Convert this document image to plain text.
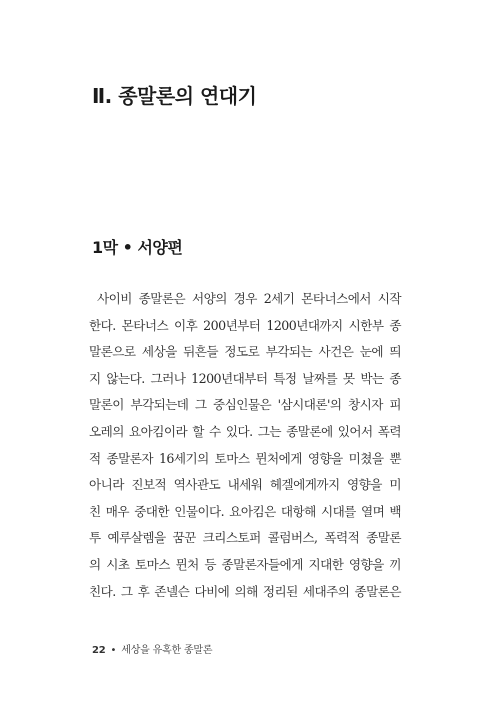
Ⅱ. 종말론의 연대기
1막 • 서양편
사이비 종말론은 서양의 경우 2세기 몬타너스에서 시작
한다. 몬타너스 이후 200년부터 1200년대까지 시한부 종
말론으로 세상을 뒤흔들 정도로 부각되는 사건은 눈에 띄
지 않는다. 그러나 1200년대부터 특정 날짜를 못 박는 종
말론이 부각되는데 그 중심인물은 '삼시대론'의 창시자 피
오레의 요아킴이라 할 수 있다. 그는 종말론에 있어서 폭력
적 종말론자 16세기의 토마스 뮌처에게 영향을 미쳤을 뿐
아니라 진보적 역사관도 내세워 헤겔에게까지 영향을 미
친 매우 중대한 인물이다. 요아킴은 대항해 시대를 열며 백
투 예루살렘을 꿈꾼 크리스토퍼 콜럼버스, 폭력적 종말론
의 시초 토마스 뮌처 등 종말론자들에게 지대한 영향을 끼
친다. 그 후 존넬슨 다비에 의해 정리된 세대주의 종말론은
22 • 세상을 유혹한 종말론
